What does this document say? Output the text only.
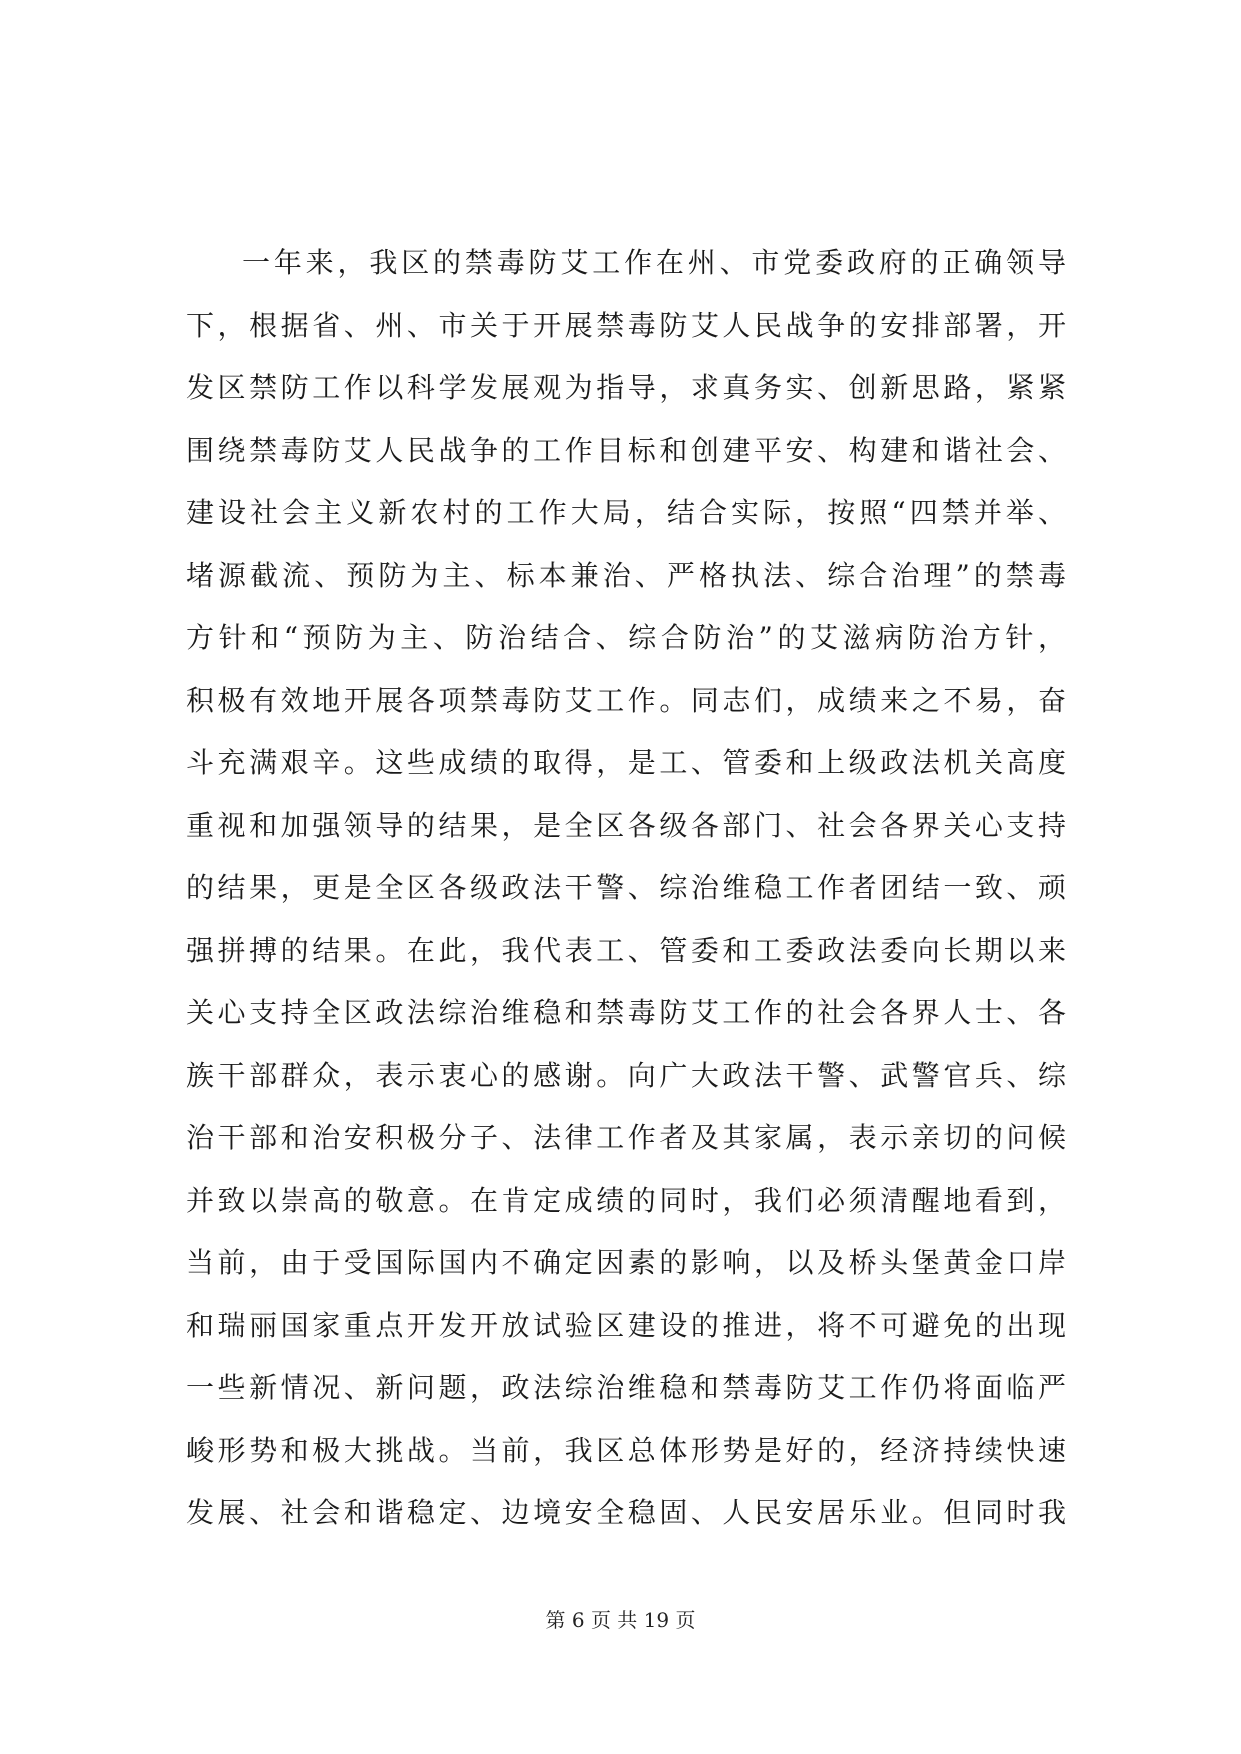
一年来，我区的禁毒防艾工作在州、市党委政府的正确领导
下，根据省、州、市关于开展禁毒防艾人民战争的安排部署，开
发区禁防工作以科学发展观为指导，求真务实、创新思路，紧紧
围绕禁毒防艾人民战争的工作目标和创建平安、构建和谐社会、
建设社会主义新农村的工作大局，结合实际，按照“四禁并举、
堵源截流、预防为主、标本兼治、严格执法、综合治理”的禁毒
方针和“预防为主、防治结合、综合防治”的艾滋病防治方针，
积极有效地开展各项禁毒防艾工作。同志们，成绩来之不易，奋
斗充满艰辛。这些成绩的取得，是工、管委和上级政法机关高度
重视和加强领导的结果，是全区各级各部门、社会各界关心支持
的结果，更是全区各级政法干警、综治维稳工作者团结一致、顽
强拼搏的结果。在此，我代表工、管委和工委政法委向长期以来
关心支持全区政法综治维稳和禁毒防艾工作的社会各界人士、各
族干部群众，表示衷心的感谢。向广大政法干警、武警官兵、综
治干部和治安积极分子、法律工作者及其家属，表示亲切的问候
并致以崇高的敬意。在肯定成绩的同时，我们必须清醒地看到，
当前，由于受国际国内不确定因素的影响，以及桥头堡黄金口岸
和瑞丽国家重点开发开放试验区建设的推进，将不可避免的出现
一些新情况、新问题，政法综治维稳和禁毒防艾工作仍将面临严
峻形势和极大挑战。当前，我区总体形势是好的，经济持续快速
发展、社会和谐稳定、边境安全稳固、人民安居乐业。但同时我
第 6 页 共 19 页
